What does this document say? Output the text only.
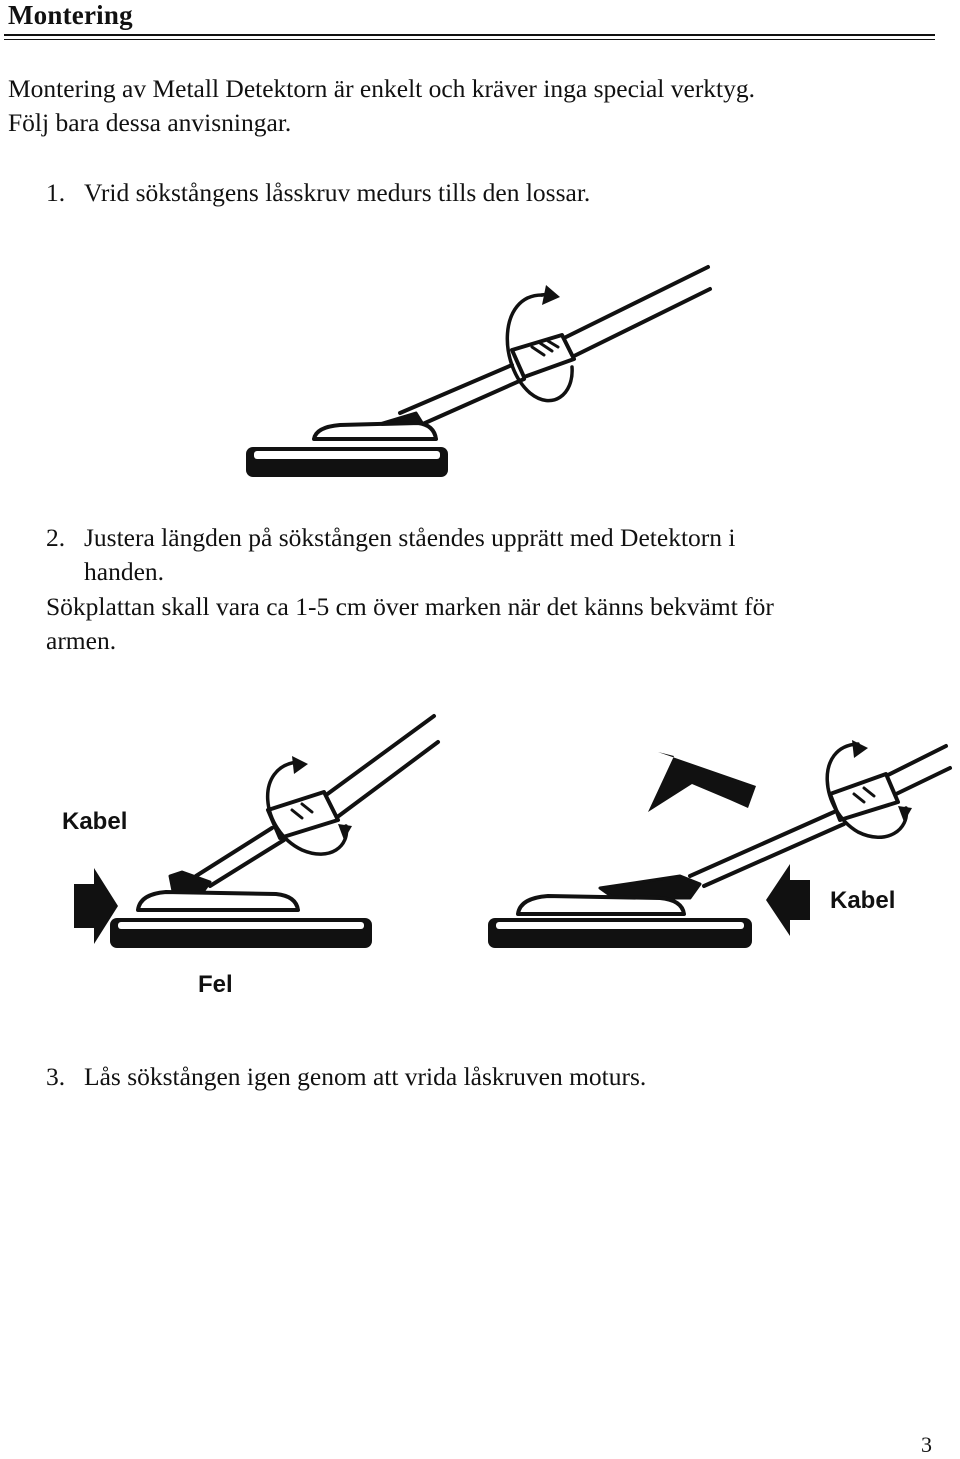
Montering
Montering av Metall Detektorn är enkelt och kräver inga special verktyg.
Följ bara dessa anvisningar.
1. Vrid sökstångens låsskruv medurs tills den lossar.
2. Justera längden på sökstången ståendes upprätt med Detektorn i
handen.
Sökplattan skall vara ca 1-5 cm över marken när det känns bekvämt för
armen.
Kabel
Fel
Kabel
3. Lås sökstången igen genom att vrida låskruven moturs.
3
